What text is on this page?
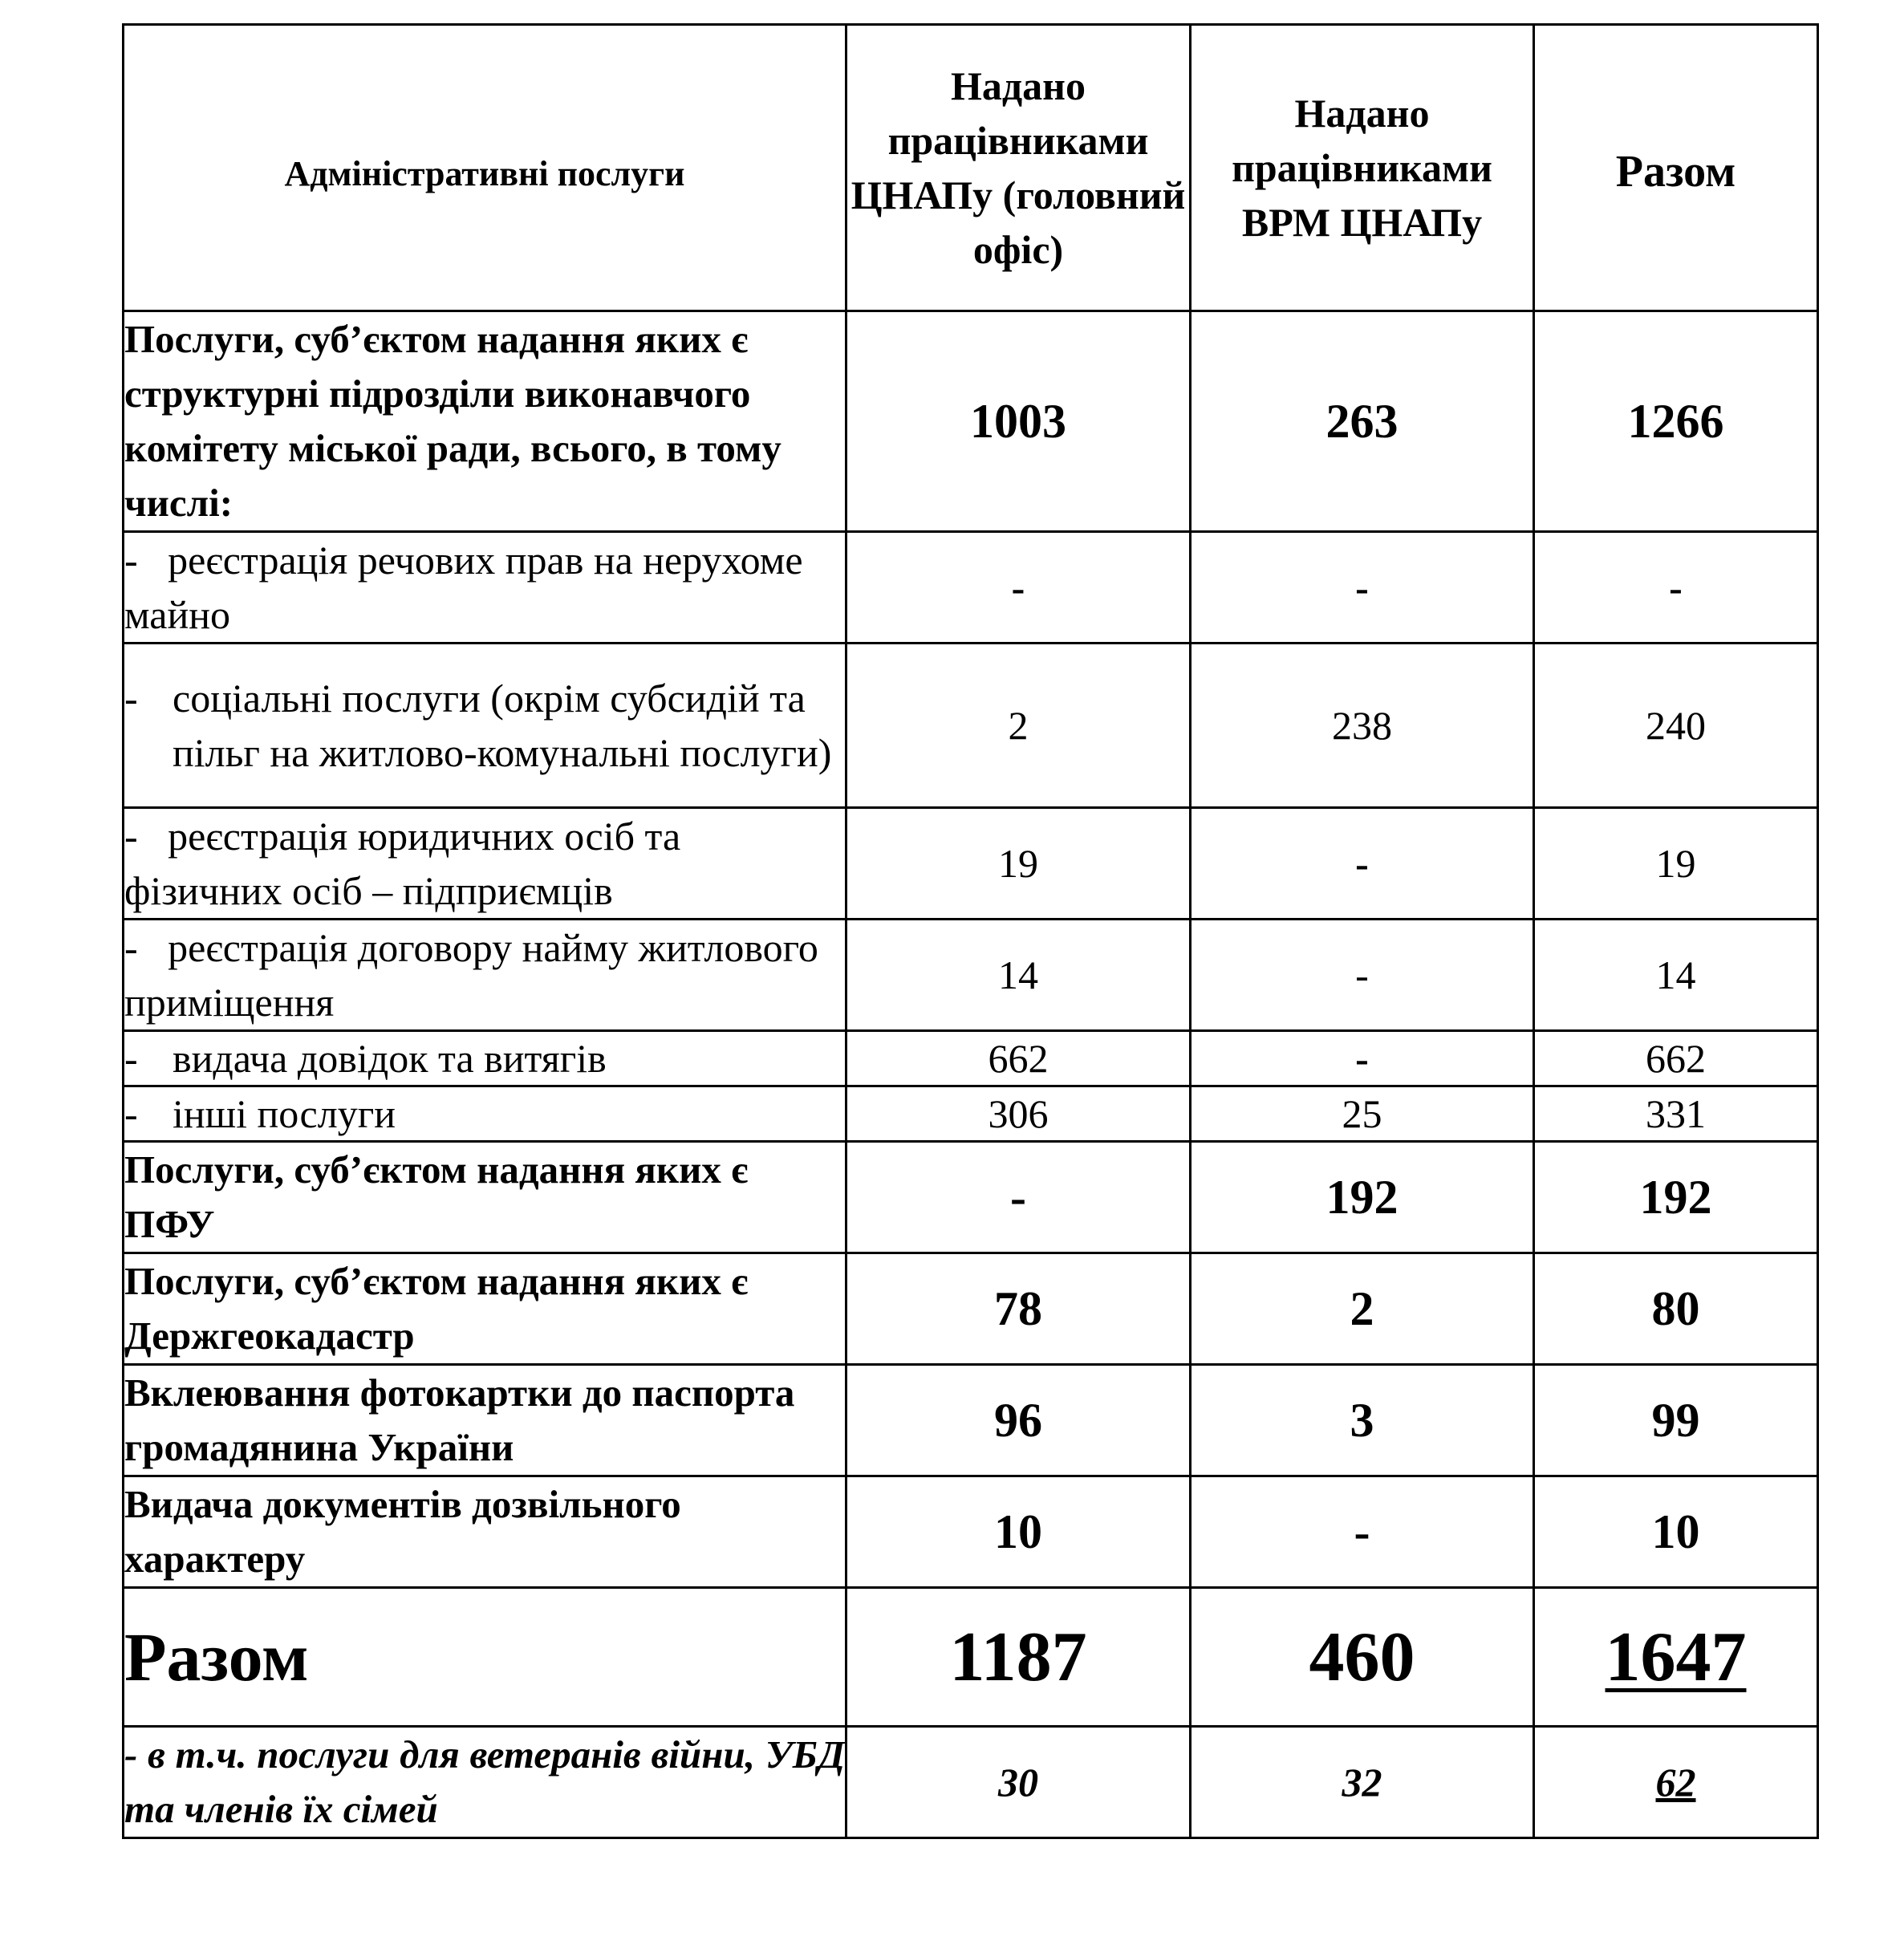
Адміністративні послуги	Надано працівниками ЦНАПу (головний офіс)	Надано працівниками ВРМ ЦНАПу	Разом
Послуги, суб’єктом надання яких є структурні підрозділи виконавчого комітету міської ради, всього, в тому числі:	1003	263	1266
- реєстрація речових прав на нерухоме майно	-	-	-

- соціальні послуги (окрім субсидій та пільг на житлово-комунальні послуги)	2	238	240
- реєстрація юридичних осіб та фізичних осіб – підприємців	19	-	19
- реєстрація договору найму житлового приміщення	14	-	14

- видача довідок та витягів	662	-	662

- інші послуги	306	25	331
Послуги, суб’єктом надання яких є ПФУ	-	192	192
Послуги, суб’єктом надання яких є Держгеокадастр	78	2	80
Вклеювання фотокартки до паспорта громадянина України	96	3	99
Видача документів дозвільного характеру	10	-	10
Разом	1187	460	1647
- в т.ч. послуги для ветеранів війни, УБД та членів їх сімей	30	32	62
